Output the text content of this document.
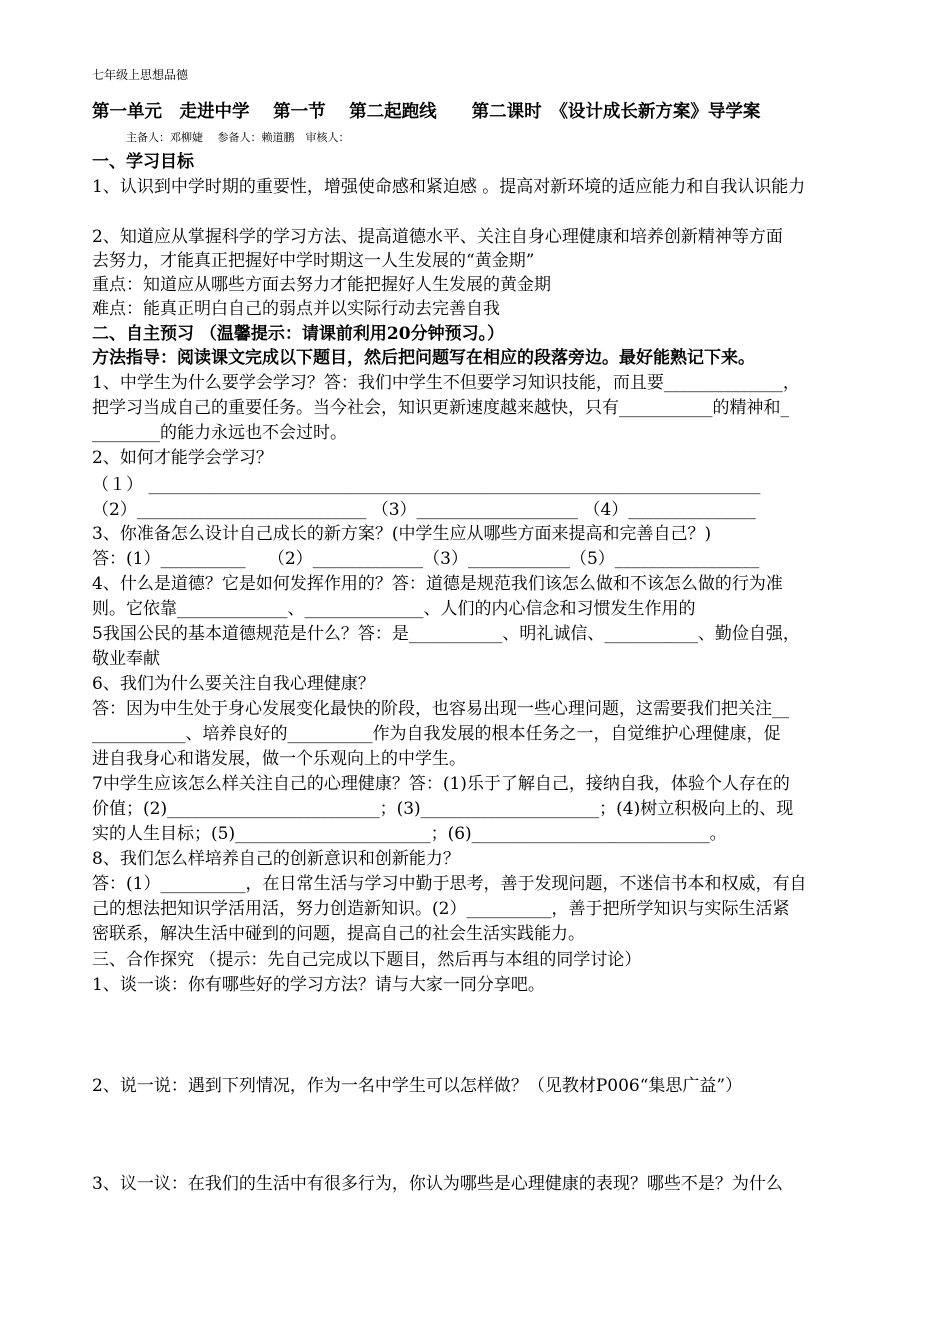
七年级上思想品德
第一单元　走进中学　 第一节　 第二起跑线　　第二课时　《设计成长新方案》导学案
主备人：邓柳婕　 参备人：赖道鹏　审核人：
一、学习目标
1、认识到中学时期的重要性，增强使命感和紧迫感 。提高对新环境的适应能力和自我认识能力
2、知道应从掌握科学的学习方法、提高道德水平、关注自身心理健康和培养创新精神等方面
去努力，才能真正把握好中学时期这一人生发展的“黄金期”
重点：知道应从哪些方面去努力才能把握好人生发展的黄金期
难点：能真正明白自己的弱点并以实际行动去完善自我
二、自主预习 （温馨提示：请课前利用20分钟预习。）
方法指导：阅读课文完成以下题目，然后把问题写在相应的段落旁边。最好能熟记下来。
1、中学生为什么要学会学习？答：我们中学生不但要学习知识技能，而且要______________，
把学习当成自己的重要任务。当今社会，知识更新速度越来越快，只有___________的精神和_
________的能力永远也不会过时。
2、如何才能学会学习？
（１） ________________________________________________________________________
（2）___________________________ （3）___________________ （4）_______________
3、你准备怎么设计自己成长的新方案？(中学生应从哪些方面来提高和完善自己？)
答：(1）__________　 （2）_____________（3）____________（5）_________________
4、什么是道德？它是如何发挥作用的？答：道德是规范我们该怎么做和不该怎么做的行为准
则。它依靠_____________、______________、人们的内心信念和习惯发生作用的
5我国公民的基本道德规范是什么？答：是___________、明礼诚信、___________、勤俭自强，
敬业奉献
6、我们为什么要关注自我心理健康？
答：因为中生处于身心发展变化最快的阶段，也容易出现一些心理问题，这需要我们把关注__
___________、培养良好的__________作为自我发展的根本任务之一，自觉维护心理健康，促
进自我身心和谐发展，做一个乐观向上的中学生。
7中学生应该怎么样关注自己的心理健康？答：(1)乐于了解自己，接纳自我，体验个人存在的
价值；(2)_________________________；(3)_____________________；(4)树立积极向上的、现
实的人生目标；(5)_______________________；(6)____________________________。
8、我们怎么样培养自己的创新意识和创新能力？
答：(1）__________，在日常生活与学习中勤于思考，善于发现问题，不迷信书本和权威，有自
己的想法把知识学活用活，努力创造新知识。(2）__________，善于把所学知识与实际生活紧
密联系，解决生活中碰到的问题，提高自己的社会生活实践能力。
三、合作探究 （提示：先自己完成以下题目，然后再与本组的同学讨论）
1、谈一谈：你有哪些好的学习方法？请与大家一同分享吧。
2、说一说：遇到下列情况，作为一名中学生可以怎样做？（见教材P006“集思广益”）
3、议一议：在我们的生活中有很多行为，你认为哪些是心理健康的表现？哪些不是？为什么
